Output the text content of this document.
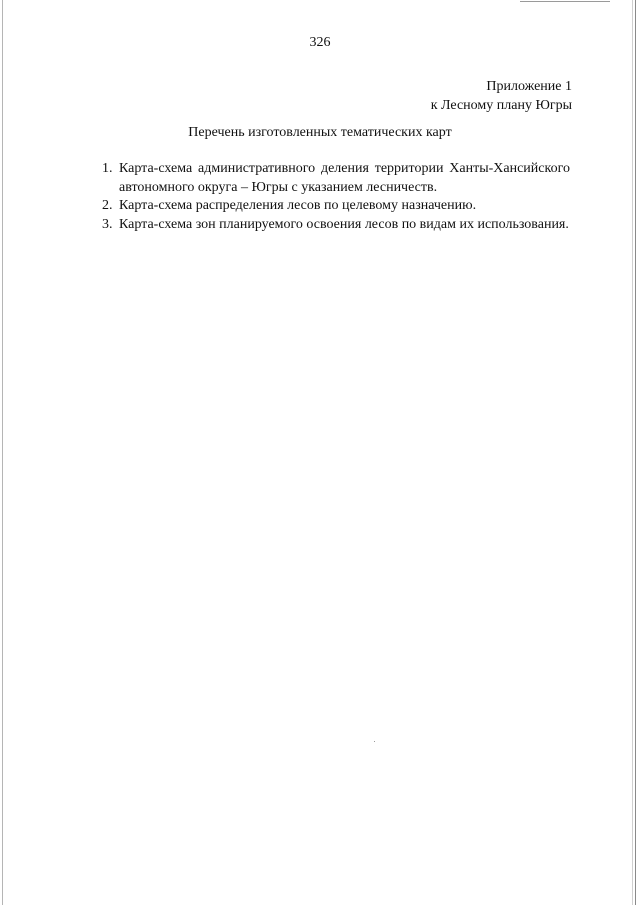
326
Приложение 1
к Лесному плану Югры
Перечень изготовленных тематических карт
1. Карта-схема административного деления территории Ханты-Хансийского автономного округа – Югры с указанием лесничеств.
2. Карта-схема распределения лесов по целевому назначению.
3. Карта-схема зон планируемого освоения лесов по видам их использования.
